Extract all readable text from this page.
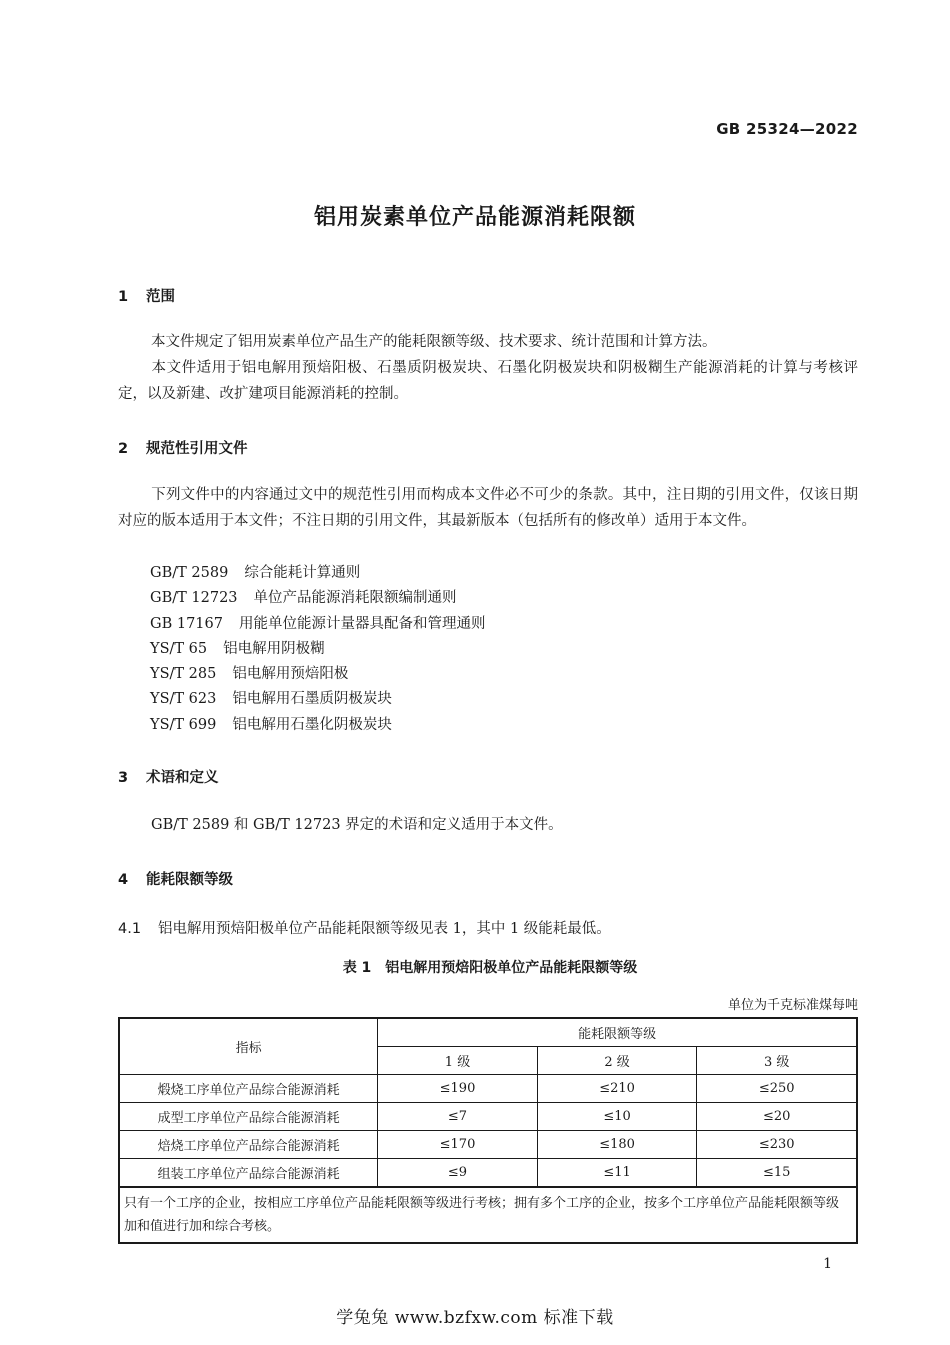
GB 25324—2022
铝用炭素单位产品能源消耗限额
1 范围
本文件规定了铝用炭素单位产品生产的能耗限额等级、技术要求、统计范围和计算方法。
本文件适用于铝电解用预焙阳极、石墨质阴极炭块、石墨化阴极炭块和阴极糊生产能源消耗的计算与考核评定，以及新建、改扩建项目能源消耗的控制。
2 规范性引用文件
下列文件中的内容通过文中的规范性引用而构成本文件必不可少的条款。其中，注日期的引用文件，仅该日期对应的版本适用于本文件；不注日期的引用文件，其最新版本（包括所有的修改单）适用于本文件。
GB/T 2589 综合能耗计算通则
GB/T 12723 单位产品能源消耗限额编制通则
GB 17167 用能单位能源计量器具配备和管理通则
YS/T 65 铝电解用阴极糊
YS/T 285 铝电解用预焙阳极
YS/T 623 铝电解用石墨质阴极炭块
YS/T 699 铝电解用石墨化阴极炭块
3 术语和定义
GB/T 2589 和 GB/T 12723 界定的术语和定义适用于本文件。
4 能耗限额等级
4.1 铝电解用预焙阳极单位产品能耗限额等级见表 1，其中 1 级能耗最低。
表 1　铝电解用预焙阳极单位产品能耗限额等级
单位为千克标准煤每吨
指标	能耗限额等级		
	1 级	2 级	3 级
煅烧工序单位产品综合能源消耗	≤190	≤210	≤250
成型工序单位产品综合能源消耗	≤7	≤10	≤20
焙烧工序单位产品综合能源消耗	≤170	≤180	≤230
组装工序单位产品综合能源消耗	≤9	≤11	≤15
只有一个工序的企业，按相应工序单位产品能耗限额等级进行考核；拥有多个工序的企业，按多个工序单位产品能耗限额等级加和值进行加和综合考核。			
1
学兔兔 www.bzfxw.com 标准下载
